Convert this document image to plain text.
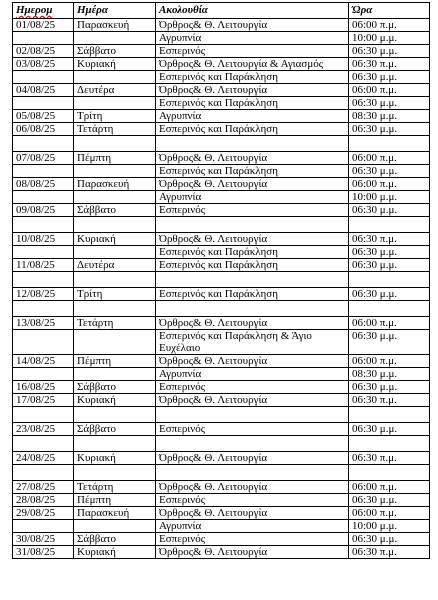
Ημερομ	Ημέρα	Ακολουθία	Ώρα
01/08/25	Παρασκευή	Όρθρος& Θ. Λειτουργία	06:00 π.μ.
		Αγρυπνία	10:00 μ.μ.
02/08/25	Σάββατο	Εσπερινός	06:30 μ.μ.
03/08/25	Κυριακή	Όρθρος& Θ. Λειτουργία & Αγιασμός	06:30 π.μ.
		Εσπερινός και Παράκληση	06:30 μ.μ.
04/08/25	Δευτέρα	Όρθρος& Θ. Λειτουργία	06:00 π.μ.
		Εσπερινός και Παράκληση	06:30 μ.μ.
05/08/25	Τρίτη	Αγρυπνία	08:30 μ.μ.
06/08/25	Τετάρτη	Εσπερινός και Παράκληση	06:30 μ.μ.

07/08/25	Πέμπτη	Όρθρος& Θ. Λειτουργία	06:00 π.μ.
		Εσπερινός και Παράκληση	06:30 μ.μ.
08/08/25	Παρασκευή	Όρθρος& Θ. Λειτουργία	06:00 π.μ.
		Αγρυπνία	10:00 μ.μ.
09/08/25	Σάββατο	Εσπερινός	06:30 μ.μ.

10/08/25	Κυριακή	Όρθρος& Θ. Λειτουργία	06:30 π.μ.
		Εσπερινός και Παράκληση	06:30 μ.μ.
11/08/25	Δευτέρα	Εσπερινός και Παράκληση	06:30 μ.μ.

12/08/25	Τρίτη	Εσπερινός και Παράκληση	06:30 μ.μ.

13/08/25	Τετάρτη	Όρθρος& Θ. Λειτουργία	06:00 π.μ.
		Εσπερινός και Παράκληση & Άγιο Ευχέλαιο	06:30 μ.μ.
14/08/25	Πέμπτη	Όρθρος& Θ. Λειτουργία	06:00 π.μ.
		Αγρυπνία	08:30 μ.μ.
16/08/25	Σάββατο	Εσπερινός	06:30 μ.μ.
17/08/25	Κυριακή	Όρθρος& Θ. Λειτουργία	06:30 π.μ.

23/08/25	Σάββατο	Εσπερινός	06:30 μ.μ.

24/08/25	Κυριακή	Όρθρος& Θ. Λειτουργία	06:30 π.μ.

27/08/25	Τετάρτη	Όρθρος& Θ. Λειτουργία	06:00 π.μ.
28/08/25	Πέμπτη	Εσπερινός	06:30 μ.μ.
29/08/25	Παρασκευή	Όρθρος& Θ. Λειτουργία	06:00 π.μ.
		Αγρυπνία	10:00 μ.μ.
30/08/25	Σάββατο	Εσπερινός	06:30 μ.μ.
31/08/25	Κυριακή	Όρθρος& Θ. Λειτουργία	06:30 π.μ.
